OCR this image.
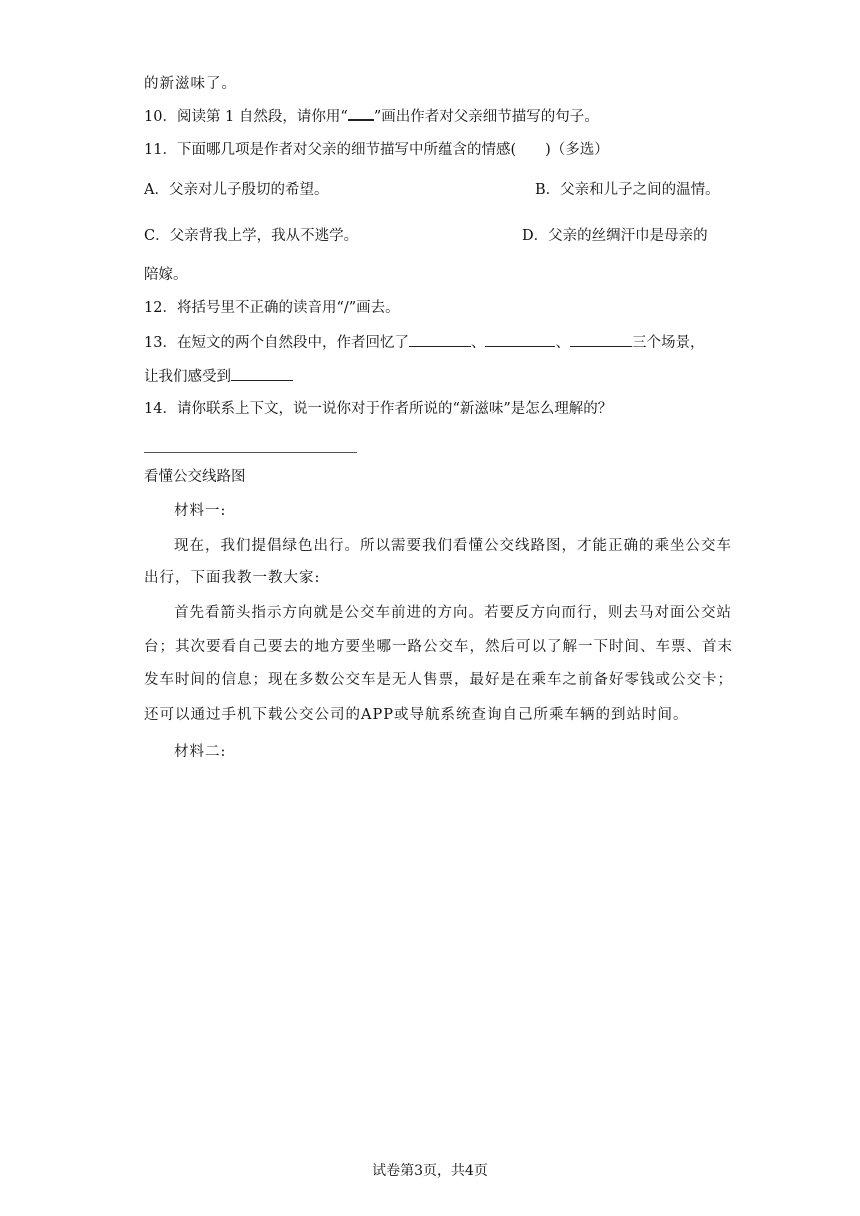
的新滋味了。
10．阅读第 1 自然段，请你用“ ”画出作者对父亲细节描写的句子。
11．下面哪几项是作者对父亲的细节描写中所蕴含的情感(　　)（多选）
A．父亲对儿子殷切的希望。	B．父亲和儿子之间的温情。
C．父亲背我上学，我从不逃学。	D．父亲的丝绸汗巾是母亲的
陪嫁。
12．将括号里不正确的读音用“/”画去。
13．在短文的两个自然段中，作者回忆了	、	、	三个场景，
让我们感受到
14．请你联系上下文，说一说你对于作者所说的“新滋味”是怎么理解的？
看懂公交线路图
材料一:
现在，我们提倡绿色出行。所以需要我们看懂公交线路图，才能正确的乘坐公交车
出行，下面我教一教大家:
首先看箭头指示方向就是公交车前进的方向。若要反方向而行，则去马对面公交站
台；其次要看自己要去的地方要坐哪一路公交车，然后可以了解一下时间、车票、首末
发车时间的信息；现在多数公交车是无人售票，最好是在乘车之前备好零钱或公交卡；
还可以通过手机下载公交公司的APP或导航系统查询自己所乘车辆的到站时间。
材料二:
试卷第3页，共4页
